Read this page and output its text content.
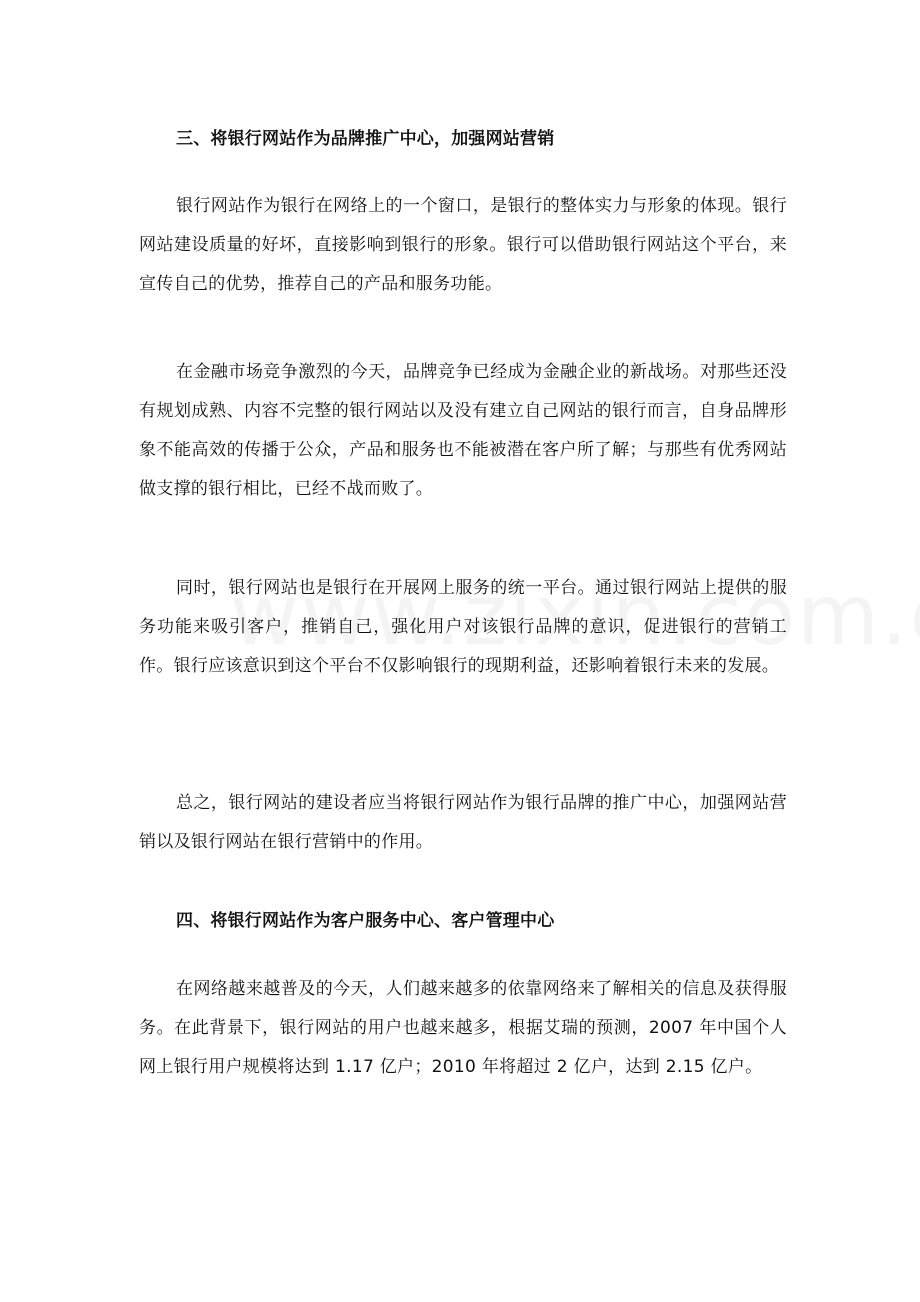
三、将银行网站作为品牌推广中心，加强网站营销

银行网站作为银行在网络上的一个窗口，是银行的整体实力与形象的体现。银行网站建设质量的好坏，直接影响到银行的形象。银行可以借助银行网站这个平台，来宣传自己的优势，推荐自己的产品和服务功能。

在金融市场竞争激烈的今天，品牌竞争已经成为金融企业的新战场。对那些还没有规划成熟、内容不完整的银行网站以及没有建立自己网站的银行而言，自身品牌形象不能高效的传播于公众，产品和服务也不能被潜在客户所了解；与那些有优秀网站做支撑的银行相比，已经不战而败了。

同时，银行网站也是银行在开展网上服务的统一平台。通过银行网站上提供的服务功能来吸引客户，推销自己，强化用户对该银行品牌的意识，促进银行的营销工作。银行应该意识到这个平台不仅影响银行的现期利益，还影响着银行未来的发展。

总之，银行网站的建设者应当将银行网站作为银行品牌的推广中心，加强网站营销以及银行网站在银行营销中的作用。

四、将银行网站作为客户服务中心、客户管理中心

在网络越来越普及的今天，人们越来越多的依靠网络来了解相关的信息及获得服务。在此背景下，银行网站的用户也越来越多，根据艾瑞的预测，2007 年中国个人网上银行用户规模将达到 1.17 亿户；2010 年将超过 2 亿户，达到 2.15 亿户。
